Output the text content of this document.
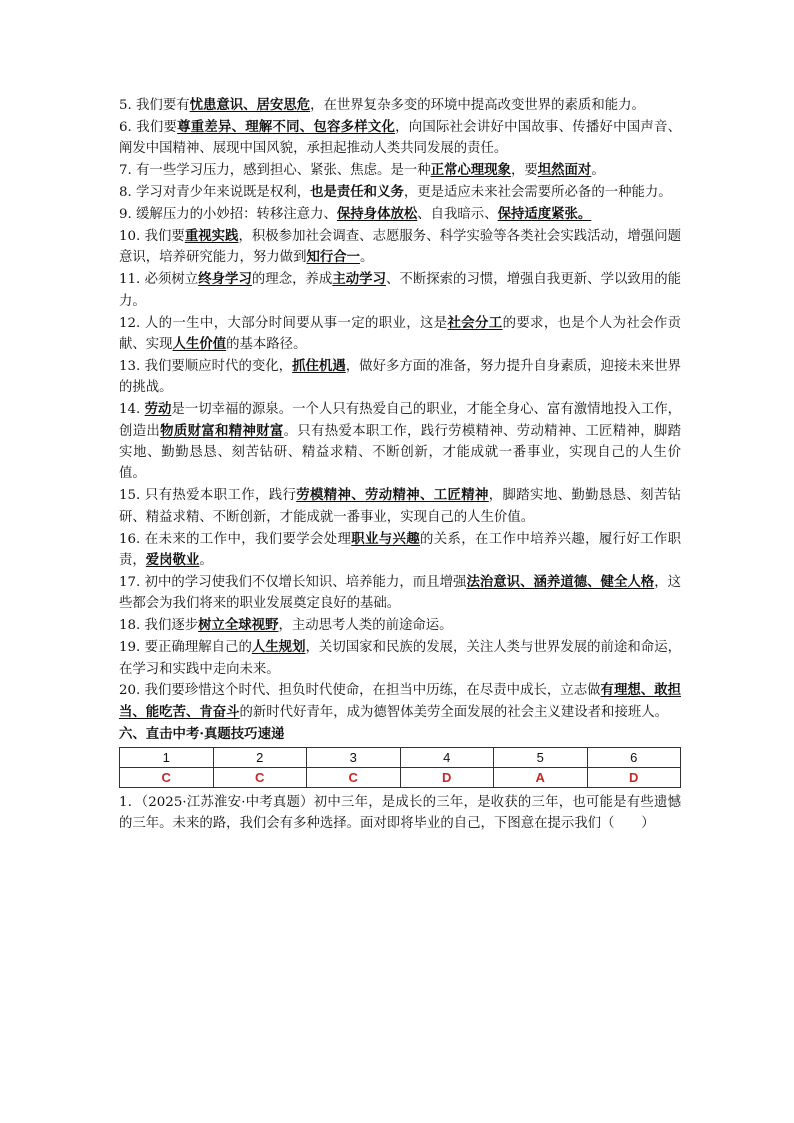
5. 我们要有忧患意识、居安思危，在世界复杂多变的环境中提高改变世界的素质和能力。
6. 我们要尊重差异、理解不同、包容多样文化，向国际社会讲好中国故事、传播好中国声音、阐发中国精神、展现中国风貌，承担起推动人类共同发展的责任。
7. 有一些学习压力，感到担心、紧张、焦虑。是一种正常心理现象，要坦然面对。
8. 学习对青少年来说既是权利，也是责任和义务，更是适应未来社会需要所必备的一种能力。
9. 缓解压力的小妙招：转移注意力、保持身体放松、自我暗示、保持适度紧张。
10. 我们要重视实践，积极参加社会调查、志愿服务、科学实验等各类社会实践活动，增强问题意识，培养研究能力，努力做到知行合一。
11. 必须树立终身学习的理念，养成主动学习、不断探索的习惯，增强自我更新、学以致用的能力。
12. 人的一生中，大部分时间要从事一定的职业，这是社会分工的要求，也是个人为社会作贡献、实现人生价值的基本路径。
13. 我们要顺应时代的变化，抓住机遇，做好多方面的准备，努力提升自身素质，迎接未来世界的挑战。
14. 劳动是一切幸福的源泉。一个人只有热爱自己的职业，才能全身心、富有激情地投入工作，创造出物质财富和精神财富。只有热爱本职工作，践行劳模精神、劳动精神、工匠精神，脚踏实地、勤勤恳恳、刻苦钻研、精益求精、不断创新，才能成就一番事业，实现自己的人生价值。
15. 只有热爱本职工作，践行劳模精神、劳动精神、工匠精神，脚踏实地、勤勤恳恳、刻苦钻研、精益求精、不断创新，才能成就一番事业，实现自己的人生价值。
16. 在未来的工作中，我们要学会处理职业与兴趣的关系，在工作中培养兴趣，履行好工作职责，爱岗敬业。
17. 初中的学习使我们不仅增长知识、培养能力，而且增强法治意识、涵养道德、健全人格，这些都会为我们将来的职业发展奠定良好的基础。
18. 我们逐步树立全球视野，主动思考人类的前途命运。
19. 要正确理解自己的人生规划，关切国家和民族的发展，关注人类与世界发展的前途和命运，在学习和实践中走向未来。
20. 我们要珍惜这个时代、担负时代使命，在担当中历练，在尽责中成长，立志做有理想、敢担当、能吃苦、肯奋斗的新时代好青年，成为德智体美劳全面发展的社会主义建设者和接班人。
六、直击中考·真题技巧速递
1	2	3	4	5	6
C	C	C	D	A	D
1．（2025·江苏淮安·中考真题）初中三年，是成长的三年，是收获的三年，也可能是有些遗憾的三年。未来的路，我们会有多种选择。面对即将毕业的自己，下图意在提示我们（　　）
